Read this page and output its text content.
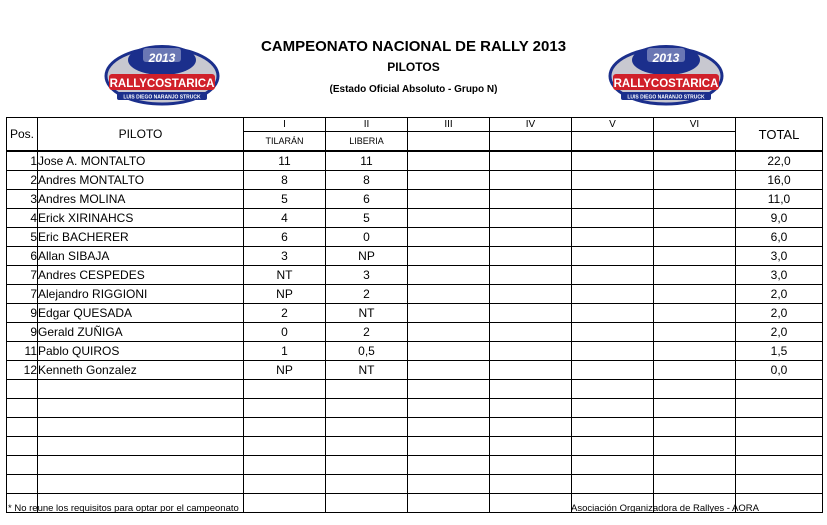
2013
RALLYCOSTARICA
LUIS DIEGO NARANJO STRUCK
CAMPEONATO NACIONAL DE RALLY 2013
PILOTOS
(Estado Oficial Absoluto - Grupo N)
2013
RALLYCOSTARICA
LUIS DIEGO NARANJO STRUCK
Pos.	PILOTO	I	II	III	IV	V	VI	TOTAL
		TILARÁN	LIBERIA					
1	Jose A. MONTALTO	11	11					22,0
2	Andres MONTALTO	8	8					16,0
3	Andres MOLINA	5	6					11,0
4	Erick XIRINAHCS	4	5					9,0
5	Eric BACHERER	6	0					6,0
6	Allan SIBAJA	3	NP					3,0
7	Andres CESPEDES	NT	3					3,0
7	Alejandro RIGGIONI	NP	2					2,0
9	Edgar QUESADA	2	NT					2,0
9	Gerald ZUÑIGA	0	2					2,0
11	Pablo QUIROS	1	0,5					1,5
12	Kenneth Gonzalez	NP	NT					0,0

* No reune los requisitos para optar por el campeonato	Asociación Organizadora de Rallyes - AORA
